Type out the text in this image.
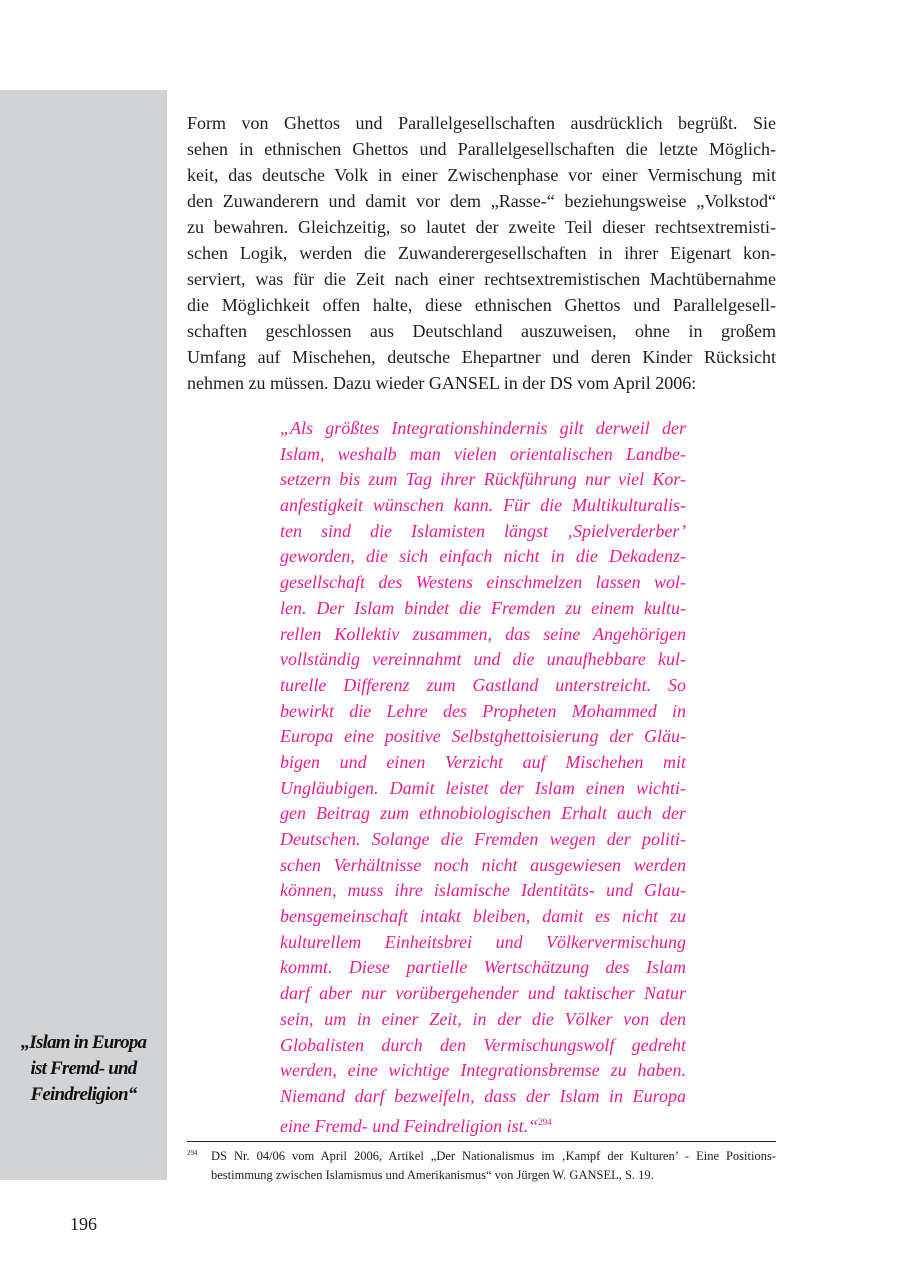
„Islam in Europa
ist Fremd- und
Feindreligion“
Form von Ghettos und Parallelgesellschaften ausdrücklich begrüßt. Sie
sehen in ethnischen Ghettos und Parallelgesellschaften die letzte Möglich-
keit, das deutsche Volk in einer Zwischenphase vor einer Vermischung mit
den Zuwanderern und damit vor dem „Rasse-“ beziehungsweise „Volkstod“
zu bewahren. Gleichzeitig, so lautet der zweite Teil dieser rechtsextremisti-
schen Logik, werden die Zuwanderergesellschaften in ihrer Eigenart kon-
serviert, was für die Zeit nach einer rechtsextremistischen Machtübernahme
die Möglichkeit offen halte, diese ethnischen Ghettos und Parallelgesell-
schaften geschlossen aus Deutschland auszuweisen, ohne in großem
Umfang auf Mischehen, deutsche Ehepartner und deren Kinder Rücksicht
nehmen zu müssen. Dazu wieder GANSEL in der DS vom April 2006:
„Als größtes Integrationshindernis gilt derweil der
Islam, weshalb man vielen orientalischen Landbe-
setzern bis zum Tag ihrer Rückführung nur viel Kor-
anfestigkeit wünschen kann. Für die Multikulturalis-
ten sind die Islamisten längst ‚Spielverderber’
geworden, die sich einfach nicht in die Dekadenz-
gesellschaft des Westens einschmelzen lassen wol-
len. Der Islam bindet die Fremden zu einem kultu-
rellen Kollektiv zusammen, das seine Angehörigen
vollständig vereinnahmt und die unaufhebbare kul-
turelle Differenz zum Gastland unterstreicht. So
bewirkt die Lehre des Propheten Mohammed in
Europa eine positive Selbstghettoisierung der Gläu-
bigen und einen Verzicht auf Mischehen mit
Ungläubigen. Damit leistet der Islam einen wichti-
gen Beitrag zum ethnobiologischen Erhalt auch der
Deutschen. Solange die Fremden wegen der politi-
schen Verhältnisse noch nicht ausgewiesen werden
können, muss ihre islamische Identitäts- und Glau-
bensgemeinschaft intakt bleiben, damit es nicht zu
kulturellem Einheitsbrei und Völkervermischung
kommt. Diese partielle Wertschätzung des Islam
darf aber nur vorübergehender und taktischer Natur
sein, um in einer Zeit, in der die Völker von den
Globalisten durch den Vermischungswolf gedreht
werden, eine wichtige Integrationsbremse zu haben.
Niemand darf bezweifeln, dass der Islam in Europa
eine Fremd- und Feindreligion ist.“$^{294}$
294 DS Nr. 04/06 vom April 2006, Artikel „Der Nationalismus im ‚Kampf der Kulturen’ - Eine Positions-
bestimmung zwischen Islamismus und Amerikanismus“ von Jürgen W. GANSEL, S. 19.
196
